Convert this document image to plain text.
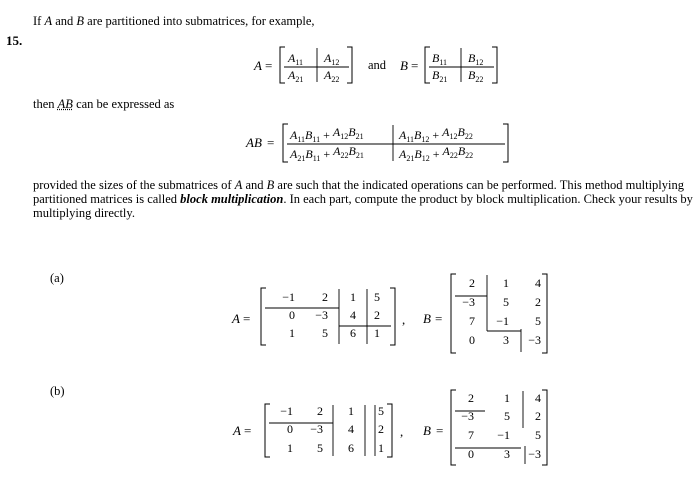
15.
If A and B are partitioned into submatrices, for example,
$A = A_{11}$ $A_{12}$
$A_{21}$ $A_{22}$
and $B = B_{11}$ $B_{12}$
$B_{21}$ $B_{22}$
then AB can be expressed as
AB = $A_{11}B_{11} + A_{12}B_{21}$	$A_{11}B_{12} + A_{12}B_{22}$
$A_{21}B_{11} + A_{22}B_{21}$	$A_{21}B_{12} + A_{22}B_{22}$
provided the sizes of the submatrices of A and B are such that the indicated operations can be performed. This method multiplying partitioned matrices is called block multiplication. In each part, compute the product by block multiplication. Check your results by multiplying directly.
(a)
A =
−1 2 1 5
0 −3 4 2
1 5 6 1
, B =
2 1 4
−3 5 2
7 −1 5
0 3 −3
(b)
A =
−1 2 1 5
0 −3 4 2
1 5 6 1
, B =
2	1 4
−3	5 2
7 −1 5
0	3 −3
